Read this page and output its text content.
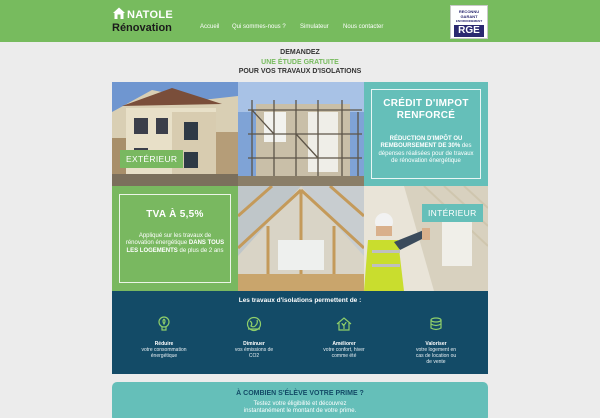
NATOLE
Rénovation	Accueil Qui sommes-nous ? Simulateur Nous contacter
RECONNU
GARANT
ENVIRONNEMENT
RGE
DEMANDEZ
UNE ÉTUDE GRATUITE
POUR VOS TRAVAUX D'ISOLATIONS
EXTÉRIEUR
CRÉDIT D'IMPOT
RENFORCÉ
RÉDUCTION D'IMPÔT OU REMBOURSEMENT DE 30% des dépenses réalisées pour de travaux de rénovation énergétique
TVA À 5,5%
Appliqué sur les travaux de rénovation énergétique DANS TOUS LES LOGEMENTS de plus de 2 ans
INTÉRIEUR
Les travaux d'isolations permettent de :
Réduire
votre consommation
énergétique
Diminuer
vos émissions de
CO2
Améliorer
votre confort, hiver
comme été
Valoriser
votre logement en
cas de location ou
de vente
À COMBIEN S'ÉLÈVE VOTRE PRIME ?
Testez votre éligibilité et découvrez
instantanément le montant de votre prime.
